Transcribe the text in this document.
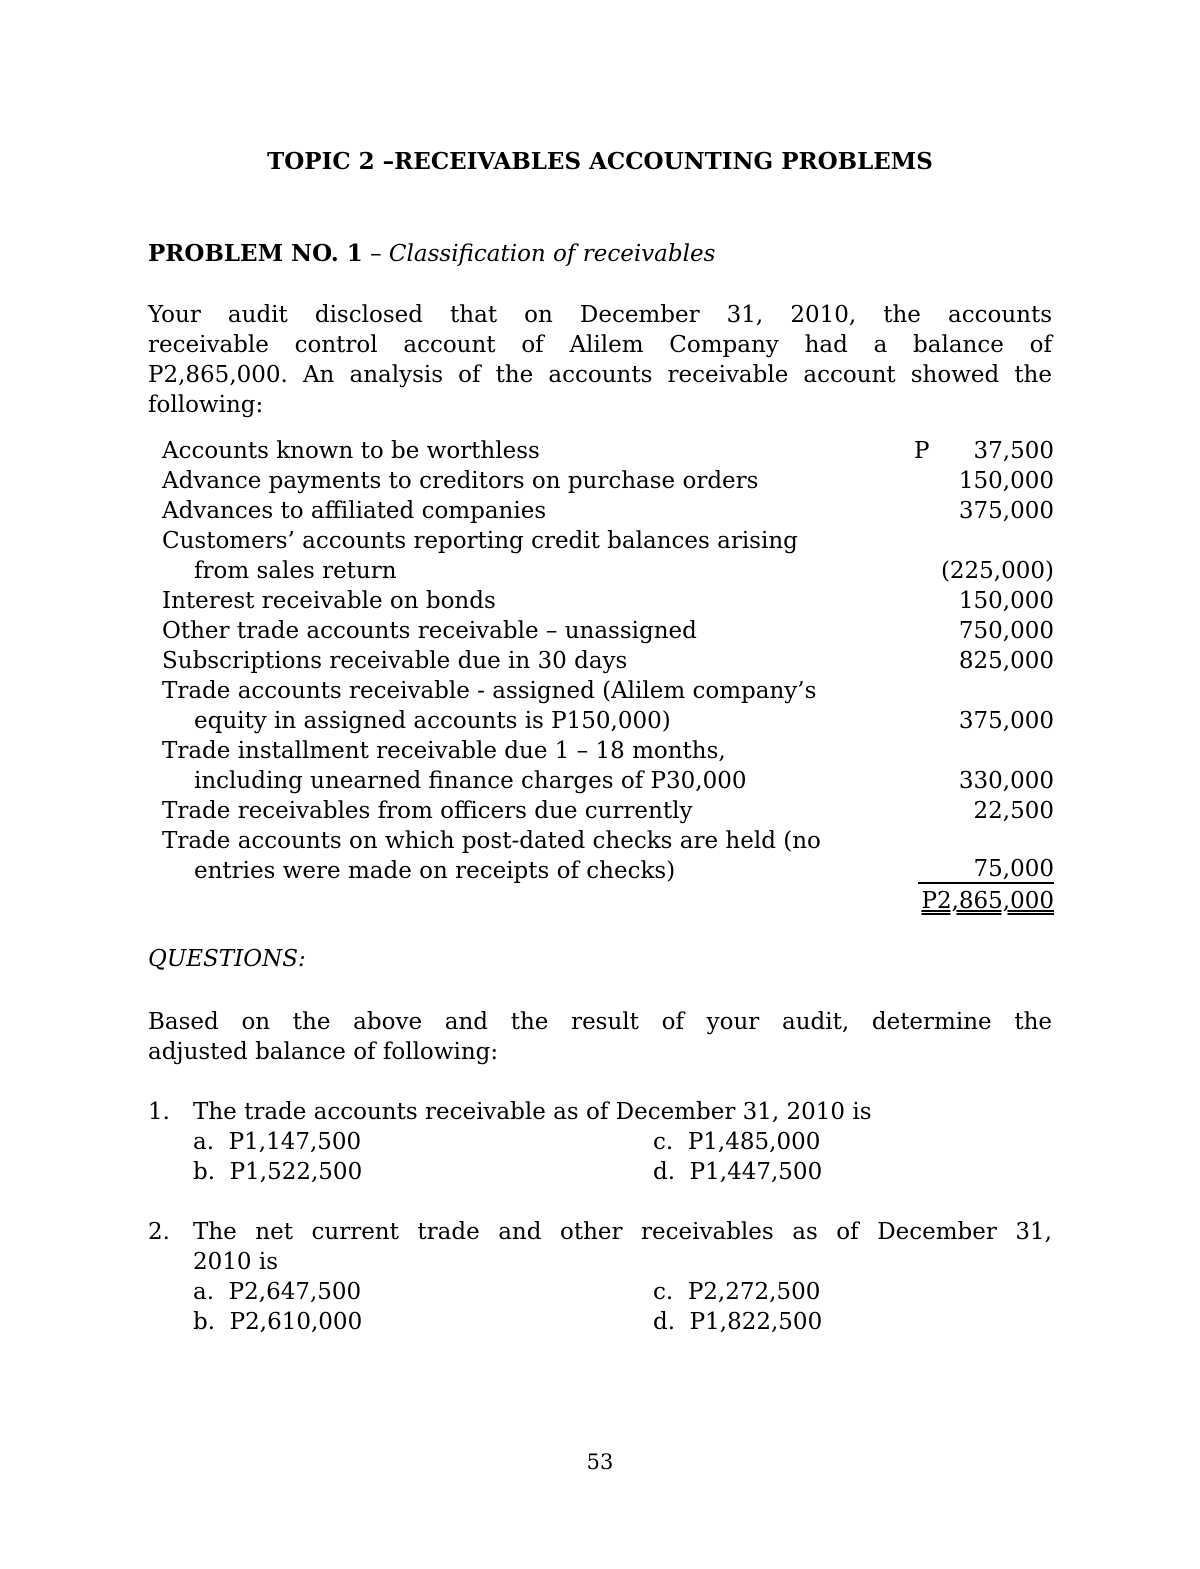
TOPIC 2 –RECEIVABLES ACCOUNTING PROBLEMS
PROBLEM NO. 1 – Classification of receivables
Your audit disclosed that on December 31, 2010, the accounts
receivable control account of Alilem Company had a balance of
P2,865,000. An analysis of the accounts receivable account showed the
following:
Accounts known to be worthless	P 37,500
Advance payments to creditors on purchase orders	150,000
Advances to affiliated companies	375,000
Customers’ accounts reporting credit balances arising
from sales return	(225,000)
Interest receivable on bonds	150,000
Other trade accounts receivable – unassigned	750,000
Subscriptions receivable due in 30 days	825,000
Trade accounts receivable - assigned (Alilem company’s
equity in assigned accounts is P150,000)	375,000
Trade installment receivable due 1 – 18 months,
including unearned finance charges of P30,000	330,000
Trade receivables from officers due currently	22,500
Trade accounts on which post-dated checks are held (no
entries were made on receipts of checks)	75,000
P2,865,000
QUESTIONS:
Based on the above and the result of your audit, determine the
adjusted balance of following:
1. The trade accounts receivable as of December 31, 2010 is
a. P1,147,500	c. P1,485,000
b. P1,522,500	d. P1,447,500
2. The net current trade and other receivables as of December 31,
2010 is
a. P2,647,500	c. P2,272,500
b. P2,610,000	d. P1,822,500
53
